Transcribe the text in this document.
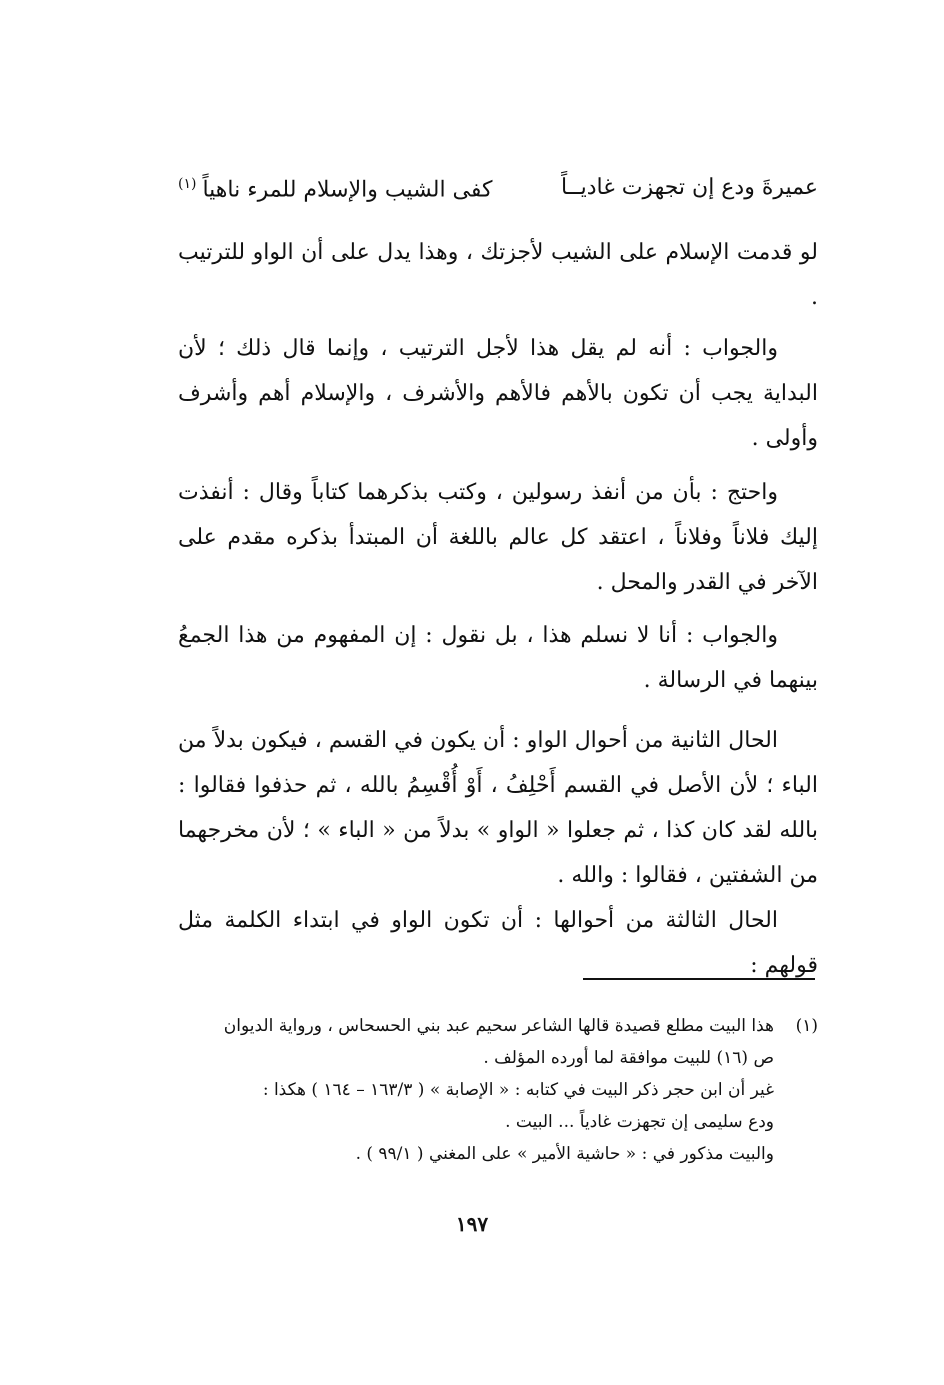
عميرةَ ودع إن تجهزت غاديــاً
كفى الشيب والإسلام للمرء ناهياً$^{(١)}$
لو قدمت الإسلام على الشيب لأجزتك ، وهذا يدل على أن الواو للترتيب .
والجواب : أنه لم يقل هذا لأجل الترتيب ، وإنما قال ذلك ؛ لأن البداية يجب أن تكون بالأهم فالأهم والأشرف ، والإسلام أهم وأشرف وأولى .
واحتج : بأن من أنفذ رسولين ، وكتب بذكرهما كتاباً وقال : أنفذت إليك فلاناً وفلاناً ، اعتقد كل عالم باللغة أن المبتدأ بذكره مقدم على الآخر في القدر والمحل .
والجواب : أنا لا نسلم هذا ، بل نقول : إن المفهوم من هذا الجمعُ بينهما في الرسالة .
الحال الثانية من أحوال الواو : أن يكون في القسم ، فيكون بدلاً من الباء ؛ لأن الأصل في القسم أَحْلِفُ ، أَوْ أُقْسِمُ بالله ، ثم حذفوا فقالوا : بالله لقد كان كذا ، ثم جعلوا « الواو » بدلاً من « الباء » ؛ لأن مخرجهما من الشفتين ، فقالوا : والله .
الحال الثالثة من أحوالها : أن تكون الواو في ابتداء الكلمة مثل قولهم :
(١)هذا البيت مطلع قصيدة قالها الشاعر سحيم عبد بني الحسحاس ، ورواية الديوان
ص (١٦) للبيت موافقة لما أورده المؤلف .
غير أن ابن حجر ذكر البيت في كتابه : « الإصابة » ( ١٦٣/٣ – ١٦٤ ) هكذا :
ودع سليمى إن تجهزت غادياً ... البيت .
والبيت مذكور في : « حاشية الأمير » على المغني ( ٩٩/١ ) .
١٩٧
